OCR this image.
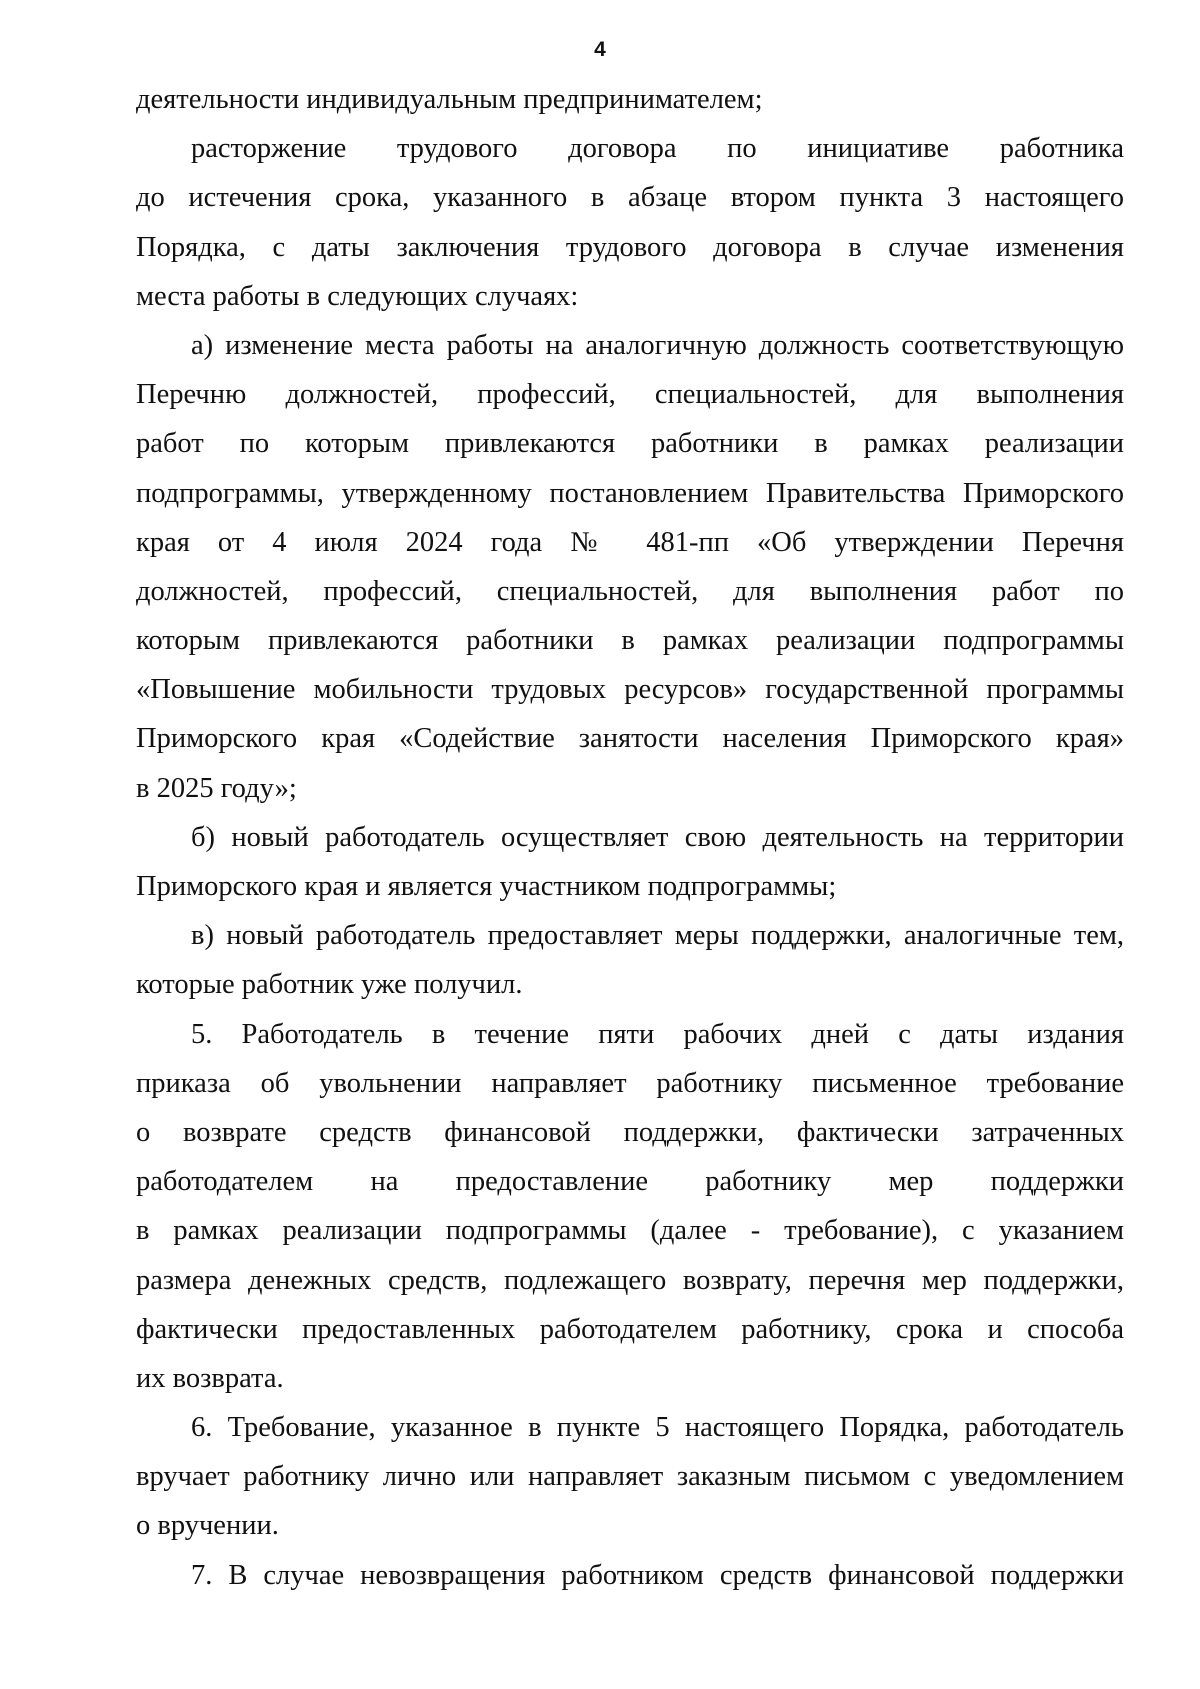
4
деятельности индивидуальным предпринимателем;
расторжение трудового договора по инициативе работника
до истечения срока, указанного в абзаце втором пункта 3 настоящего
Порядка, с даты заключения трудового договора в случае изменения
места работы в следующих случаях:
а) изменение места работы на аналогичную должность соответствующую
Перечню должностей, профессий, специальностей, для выполнения
работ по которым привлекаются работники в рамках реализации
подпрограммы, утвержденному постановлением Правительства Приморского
края от 4 июля 2024 года № 481-пп «Об утверждении Перечня
должностей, профессий, специальностей, для выполнения работ по
которым привлекаются работники в рамках реализации подпрограммы
«Повышение мобильности трудовых ресурсов» государственной программы
Приморского края «Содействие занятости населения Приморского края»
в 2025 году»;
б) новый работодатель осуществляет свою деятельность на территории
Приморского края и является участником подпрограммы;
в) новый работодатель предоставляет меры поддержки, аналогичные тем,
которые работник уже получил.
5. Работодатель в течение пяти рабочих дней с даты издания
приказа об увольнении направляет работнику письменное требование
о возврате средств финансовой поддержки, фактически затраченных
работодателем на предоставление работнику мер поддержки
в рамках реализации подпрограммы (далее - требование), с указанием
размера денежных средств, подлежащего возврату, перечня мер поддержки,
фактически предоставленных работодателем работнику, срока и способа
их возврата.
6. Требование, указанное в пункте 5 настоящего Порядка, работодатель
вручает работнику лично или направляет заказным письмом с уведомлением
о вручении.
7. В случае невозвращения работником средств финансовой поддержки
